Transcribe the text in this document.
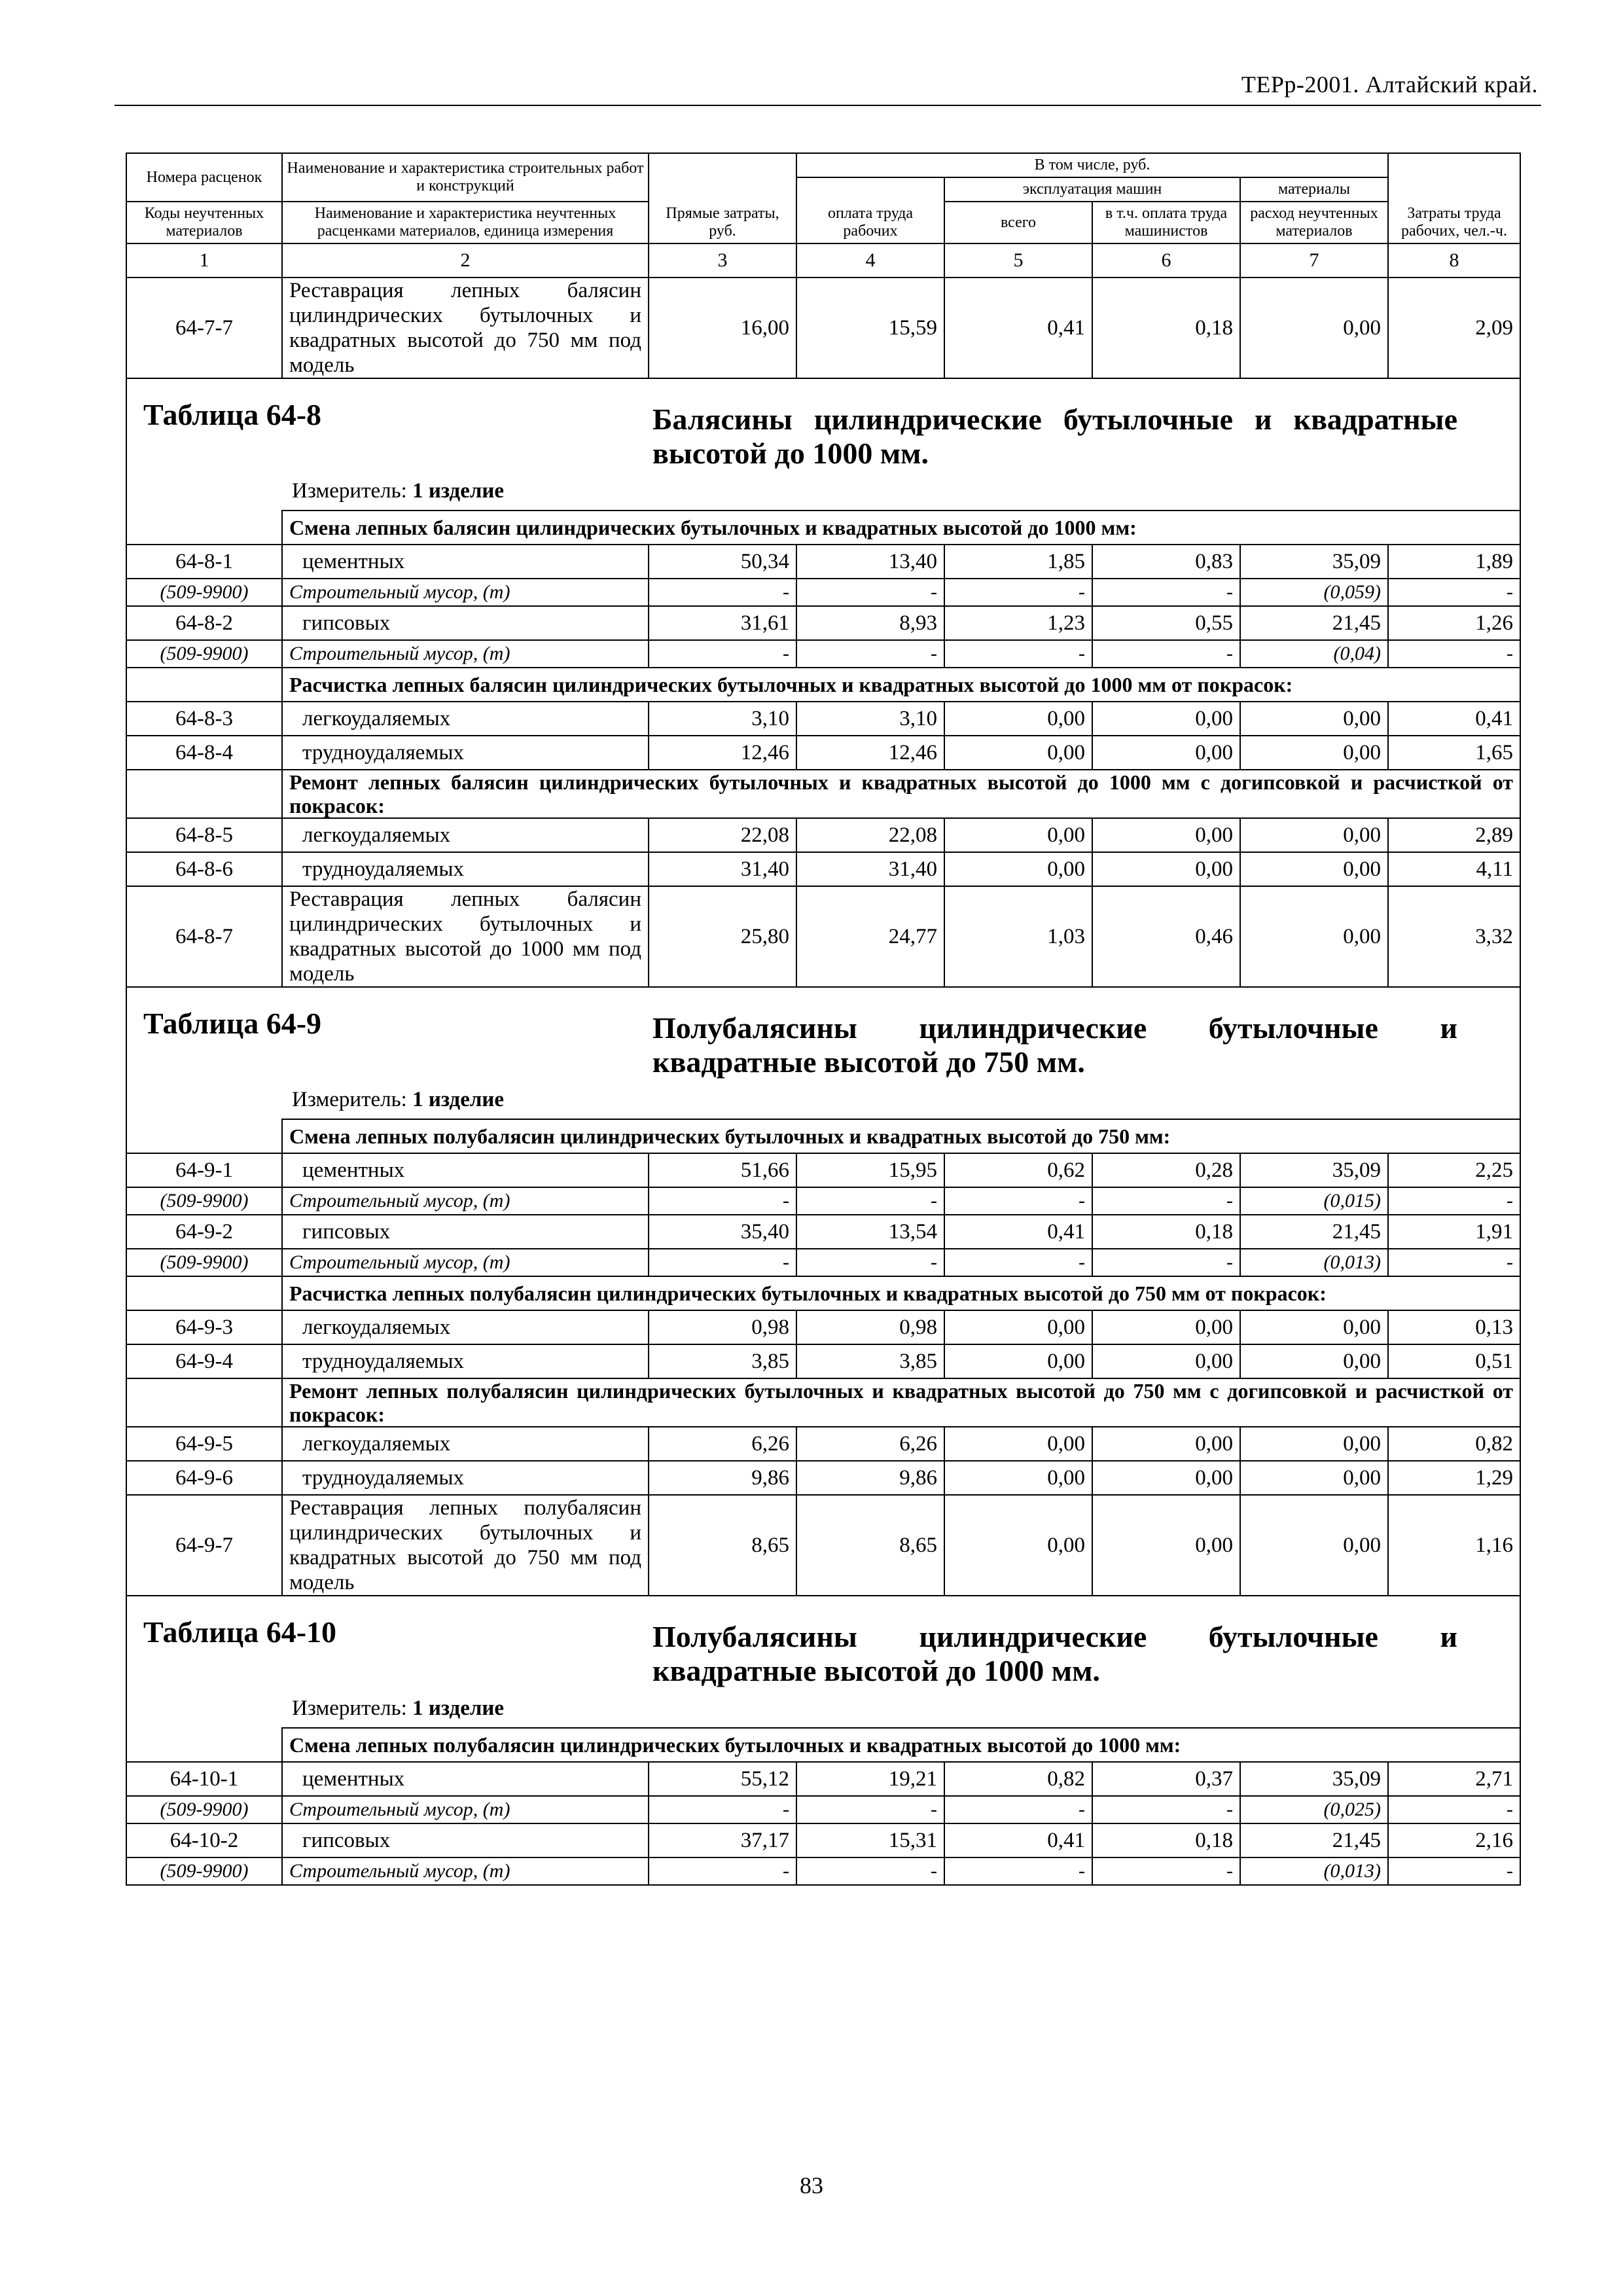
ТЕРр-2001. Алтайский край.
Номера расценок	Наименование и характеристика строительных работ и конструкций	Прямые затраты, руб.	В том числе, руб.				Затраты труда рабочих, чел.-ч.
			оплата труда рабочих	эксплуатация машин		материалы	
Коды неучтенных материалов	Наименование и характеристика неучтенных расценками материалов, единица измерения			всего	в т.ч. оплата труда машинистов	расход неучтенных материалов	
1	2	3	4	5	6	7	8
64-7-7	Реставрация лепных балясин цилиндрических бутылочных и квадратных высотой до 750 мм под модель	16,00	15,59	0,41	0,18	0,00	2,09

Таблица 64-8 Балясины цилиндрические бутылочные и квадратные высотой до 1000 мм.
Измеритель: 1 изделие							

	Смена лепных балясин цилиндрических бутылочных и квадратных высотой до 1000 мм:						
64-8-1	цементных	50,34	13,40	1,85	0,83	35,09	1,89
(509-9900)	Строительный мусор, (т)	-	-	-	-	(0,059)	-
64-8-2	гипсовых	31,61	8,93	1,23	0,55	21,45	1,26
(509-9900)	Строительный мусор, (т)	-	-	-	-	(0,04)	-
	Расчистка лепных балясин цилиндрических бутылочных и квадратных высотой до 1000 мм от покрасок:						
64-8-3	легкоудаляемых	3,10	3,10	0,00	0,00	0,00	0,41
64-8-4	трудноудаляемых	12,46	12,46	0,00	0,00	0,00	1,65
	Ремонт лепных балясин цилиндрических бутылочных и квадратных высотой до 1000 мм с догипсовкой и расчисткой от покрасок:						
64-8-5	легкоудаляемых	22,08	22,08	0,00	0,00	0,00	2,89
64-8-6	трудноудаляемых	31,40	31,40	0,00	0,00	0,00	4,11
64-8-7	Реставрация лепных балясин цилиндрических бутылочных и квадратных высотой до 1000 мм под модель	25,80	24,77	1,03	0,46	0,00	3,32

Таблица 64-9 Полубалясины цилиндрические бутылочные и квадратные высотой до 750 мм.
Измеритель: 1 изделие							

	Смена лепных полубалясин цилиндрических бутылочных и квадратных высотой до 750 мм:						
64-9-1	цементных	51,66	15,95	0,62	0,28	35,09	2,25
(509-9900)	Строительный мусор, (т)	-	-	-	-	(0,015)	-
64-9-2	гипсовых	35,40	13,54	0,41	0,18	21,45	1,91
(509-9900)	Строительный мусор, (т)	-	-	-	-	(0,013)	-
	Расчистка лепных полубалясин цилиндрических бутылочных и квадратных высотой до 750 мм от покрасок:						
64-9-3	легкоудаляемых	0,98	0,98	0,00	0,00	0,00	0,13
64-9-4	трудноудаляемых	3,85	3,85	0,00	0,00	0,00	0,51
	Ремонт лепных полубалясин цилиндрических бутылочных и квадратных высотой до 750 мм с догипсовкой и расчисткой от покрасок:						
64-9-5	легкоудаляемых	6,26	6,26	0,00	0,00	0,00	0,82
64-9-6	трудноудаляемых	9,86	9,86	0,00	0,00	0,00	1,29
64-9-7	Реставрация лепных полубалясин цилиндрических бутылочных и квадратных высотой до 750 мм под модель	8,65	8,65	0,00	0,00	0,00	1,16

Таблица 64-10 Полубалясины цилиндрические бутылочные и квадратные высотой до 1000 мм.
Измеритель: 1 изделие							

	Смена лепных полубалясин цилиндрических бутылочных и квадратных высотой до 1000 мм:						
64-10-1	цементных	55,12	19,21	0,82	0,37	35,09	2,71
(509-9900)	Строительный мусор, (т)	-	-	-	-	(0,025)	-
64-10-2	гипсовых	37,17	15,31	0,41	0,18	21,45	2,16
(509-9900)	Строительный мусор, (т)	-	-	-	-	(0,013)	-
83
